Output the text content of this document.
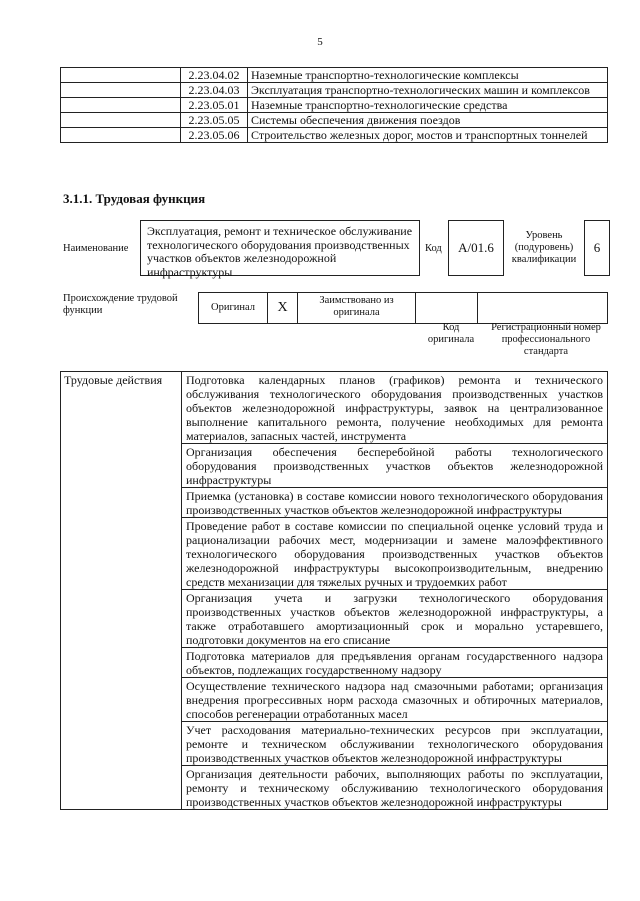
5
	2.23.04.02	Наземные транспортно-технологические комплексы
	2.23.04.03	Эксплуатация транспортно-технологических машин и комплексов
	2.23.05.01	Наземные транспортно-технологические средства
	2.23.05.05	Системы обеспечения движения поездов
	2.23.05.06	Строительство железных дорог, мостов и транспортных тоннелей
3.1.1. Трудовая функция
Наименование
Эксплуатация, ремонт и техническое обслуживание технологического оборудования производственных участков объектов железнодорожной инфраструктуры
Код	A/01.6
Уровень (подуровень) квалификации
6
Происхождение трудовой функции	Оригинал	X	Заимствовано из оригинала
Код оригинала
Регистрационный номер профессионального стандарта
Трудовые действия	Подготовка календарных планов (графиков) ремонта и технического обслуживания технологического оборудования производственных участков объектов железнодорожной инфраструктуры, заявок на централизованное выполнение капитального ремонта, получение необходимых для ремонта материалов, запасных частей, инструмента
Организация обеспечения бесперебойной работы технологического оборудования производственных участков объектов железнодорожной инфраструктуры
Приемка (установка) в составе комиссии нового технологического оборудования производственных участков объектов железнодорожной инфраструктуры
Проведение работ в составе комиссии по специальной оценке условий труда и рационализации рабочих мест, модернизации и замене малоэффективного технологического оборудования производственных участков объектов железнодорожной инфраструктуры высокопроизводительным, внедрению средств механизации для тяжелых ручных и трудоемких работ
Организация учета и загрузки технологического оборудования производственных участков объектов железнодорожной инфраструктуры, а также отработавшего амортизационный срок и морально устаревшего, подготовки документов на его списание
Подготовка материалов для предъявления органам государственного надзора объектов, подлежащих государственному надзору
Осуществление технического надзора над смазочными работами; организация внедрения прогрессивных норм расхода смазочных и обтирочных материалов, способов регенерации отработанных масел
Учет расходования материально-технических ресурсов при эксплуатации, ремонте и техническом обслуживании технологического оборудования производственных участков объектов железнодорожной инфраструктуры
Организация деятельности рабочих, выполняющих работы по эксплуатации, ремонту и техническому обслуживанию технологического оборудования производственных участков объектов железнодорожной инфраструктуры
